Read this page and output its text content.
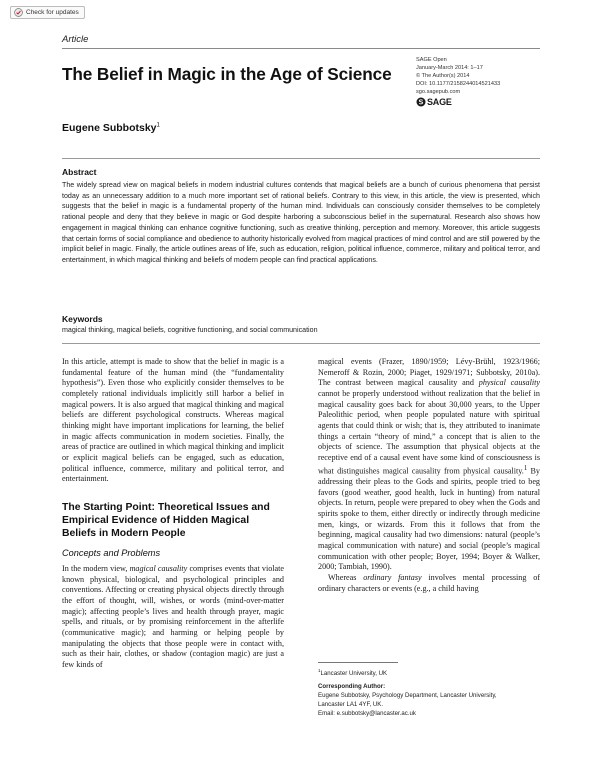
Check for updates
Article
The Belief in Magic in the Age of Science
SAGE Open
January-March 2014: 1–17
© The Author(s) 2014
DOI: 10.1177/2158244014521433
sgo.sagepub.com
SAGE
Eugene Subbotsky$^1$
Abstract

The widely spread view on magical beliefs in modern industrial cultures contends that magical beliefs are a bunch of curious phenomena that persist today as an unnecessary addition to a much more important set of rational beliefs. Contrary to this view, in this article, the view is presented, which suggests that the belief in magic is a fundamental property of the human mind. Individuals can consciously consider themselves to be completely rational people and deny that they believe in magic or God despite harboring a subconscious belief in the supernatural. Research also shows how engagement in magical thinking can enhance cognitive functioning, such as creative thinking, perception and memory. Moreover, this article suggests that certain forms of social compliance and obedience to authority historically evolved from magical practices of mind control and are still powered by the implicit belief in magic. Finally, the article outlines areas of life, such as education, religion, political influence, commerce, military and political terror, and entertainment, in which magical thinking and beliefs of modern people can find practical applications.

Keywords
magical thinking, magical beliefs, cognitive functioning, and social communication

In this article, attempt is made to show that the belief in magic is a fundamental feature of the human mind (the “fundamentality hypothesis”). Even those who explicitly consider themselves to be completely rational individuals implicitly still harbor a belief in magical powers. It is also argued that magical thinking and magical beliefs are different psychological constructs. Whereas magical thinking might have important implications for learning, the belief in magic affects communication in modern societies. Finally, the areas of practice are outlined in which magical thinking and implicit or explicit magical beliefs can be engaged, such as education, political influence, commerce, military and political terror, and entertainment.

The Starting Point: Theoretical Issues and Empirical Evidence of Hidden Magical Beliefs in Modern People

Concepts and Problems

In the modern view, magical causality comprises events that violate known physical, biological, and psychological principles and conventions. Affecting or creating physical objects directly through the effort of thought, will, wishes, or words (mind-over-matter magic); affecting people’s lives and health through prayer, magic spells, and rituals, or by promising reinforcement in the afterlife (communicative magic); and harming or helping people by manipulating the objects that those people were in contact with, such as their hair, clothes, or shadow (contagion magic) are just a few kinds of

magical events (Frazer, 1890/1959; Lévy-Brühl, 1923/1966; Nemeroff & Rozin, 2000; Piaget, 1929/1971; Subbotsky, 2010a). The contrast between magical causality and physical causality cannot be properly understood without realization that the belief in magical causality goes back for about 30,000 years, to the Upper Paleolithic period, when people populated nature with spiritual agents that could think or wish; that is, they attributed to inanimate things a certain “theory of mind,” a concept that is alien to the objects of science. The assumption that physical objects at the receptive end of a causal event have some kind of consciousness is what distinguishes magical causality from physical causality.$^1$ By addressing their pleas to the Gods and spirits, people tried to beg favors (good weather, good health, luck in hunting) from natural objects. In return, people were prepared to obey when the Gods and spirits spoke to them, either directly or indirectly through medicine men, kings, or wizards. From this it follows that from the beginning, magical causality had two dimensions: natural (people’s magical communication with nature) and social (people’s magical communication with other people; Boyer, 1994; Boyer & Walker, 2000; Tambiah, 1990).

Whereas ordinary fantasy involves mental processing of ordinary characters or events (e.g., a child having

$^1$Lancaster University, UK
Corresponding Author:
Eugene Subbotsky, Psychology Department, Lancaster University,
Lancaster LA1 4YF, UK.
Email: e.subbotsky@lancaster.ac.uk
